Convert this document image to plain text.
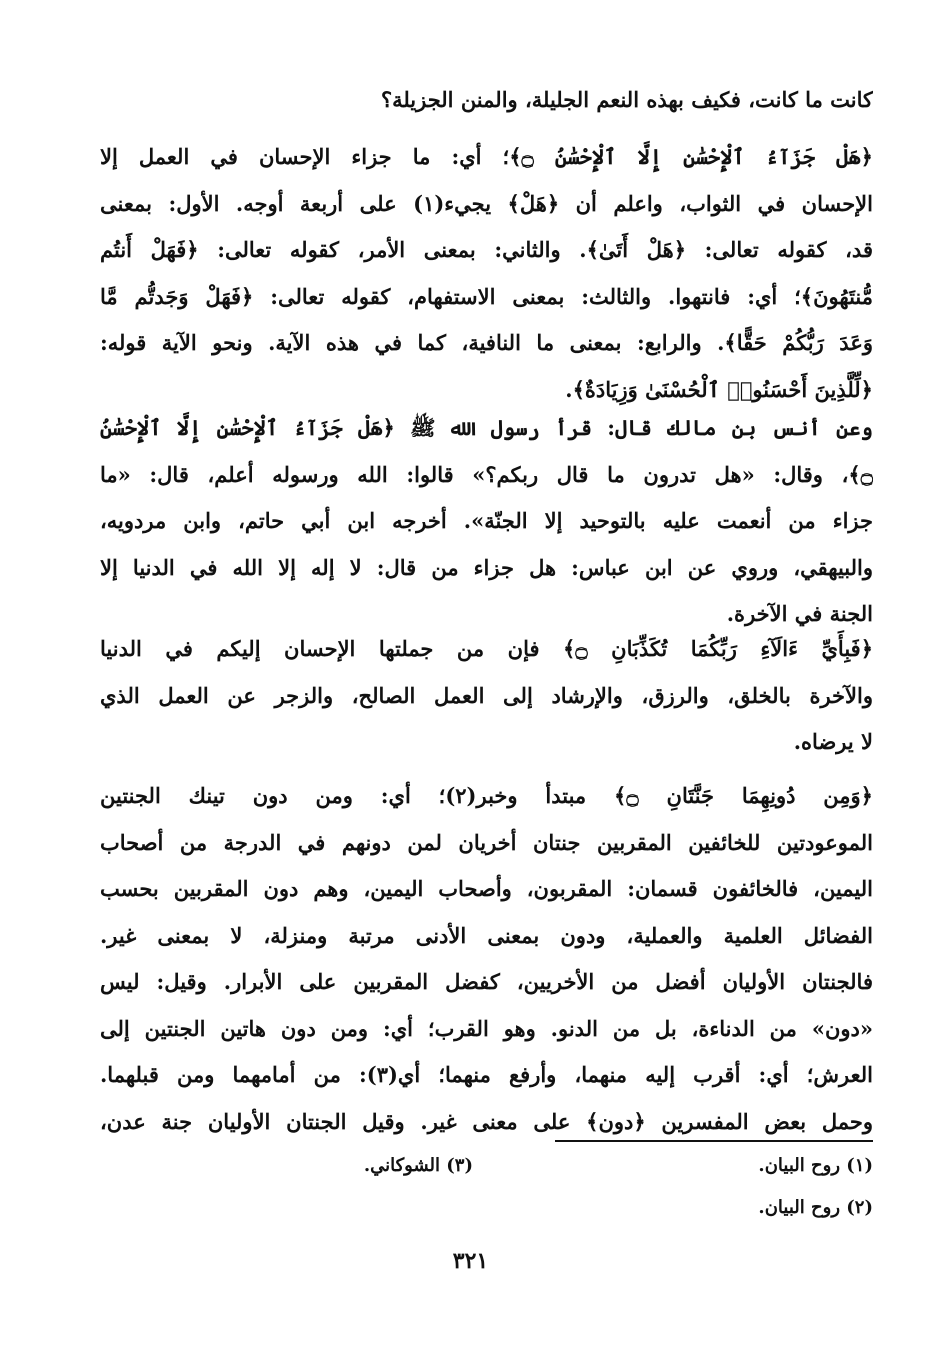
كانت ما كانت، فكيف بهذه النعم الجليلة، والمنن الجزيلة؟
﴿هَلْ جَزَآءُ ٱلْإِحْسَٰنِ إِلَّا ٱلْإِحْسَٰنُ ۝﴾؛ أي: ما جزاء الإحسان في العمل إلا
الإحسان في الثواب، واعلم أن ﴿هَلْ﴾ يجيء(١) على أربعة أوجه. الأول: بمعنى
قد، كقوله تعالى: ﴿هَلْ أَتَىٰ﴾. والثاني: بمعنى الأمر، كقوله تعالى: ﴿فَهَلْ أَنتُم
مُّنتَهُونَ﴾؛ أي: فانتهوا. والثالث: بمعنى الاستفهام، كقوله تعالى: ﴿فَهَلْ وَجَدتُّم مَّا
وَعَدَ رَبُّكُمْ حَقًّا﴾. والرابع: بمعنى ما النافية، كما في هذه الآية. ونحو الآية قوله:
﴿لِّلَّذِينَ أَحْسَنُوا۟ ٱلْحُسْنَىٰ وَزِيَادَةٌ﴾.
وعن أنس بن مالك قال: قرأ رسول الله ﷺ ﴿هَلْ جَزَآءُ ٱلْإِحْسَٰنِ إِلَّا ٱلْإِحْسَٰنُ
۝﴾، وقال: «هل تدرون ما قال ربكم؟» قالوا: الله ورسوله أعلم، قال: «ما
جزاء من أنعمت عليه بالتوحيد إلا الجنّة». أخرجه ابن أبي حاتم، وابن مردويه،
والبيهقي، وروي عن ابن عباس: هل جزاء من قال: لا إله إلا الله في الدنيا إلا
الجنة في الآخرة.
﴿فَبِأَيِّ ءَالَآءِ رَبِّكُمَا تُكَذِّبَانِ ۝﴾ فإن من جملتها الإحسان إليكم في الدنيا
والآخرة بالخلق، والرزق، والإرشاد إلى العمل الصالح، والزجر عن العمل الذي
لا يرضاه.
﴿وَمِن دُونِهِمَا جَنَّتَانِ ۝﴾ مبتدأ وخبر(٢)؛ أي: ومن دون تينك الجنتين
الموعودتين للخائفين المقربين جنتان أخريان لمن دونهم في الدرجة من أصحاب
اليمين، فالخائفون قسمان: المقربون، وأصحاب اليمين، وهم دون المقربين بحسب
الفضائل العلمية والعملية، ودون بمعنى الأدنى مرتبة ومنزلة، لا بمعنى غير.
فالجنتان الأوليان أفضل من الأخريين، كفضل المقربين على الأبرار. وقيل: ليس
«دون» من الدناءة، بل من الدنو. وهو القرب؛ أي: ومن دون هاتين الجنتين إلى
العرش؛ أي: أقرب إليه منهما، وأرفع منهما؛ أي(٣): من أمامهما ومن قبلهما.
وحمل بعض المفسرين ﴿دون﴾ على معنى غير. وقيل الجنتان الأوليان جنة عدن،
(١) روح البيان.
(٣) الشوكاني.
(٢) روح البيان.
٣٢١
